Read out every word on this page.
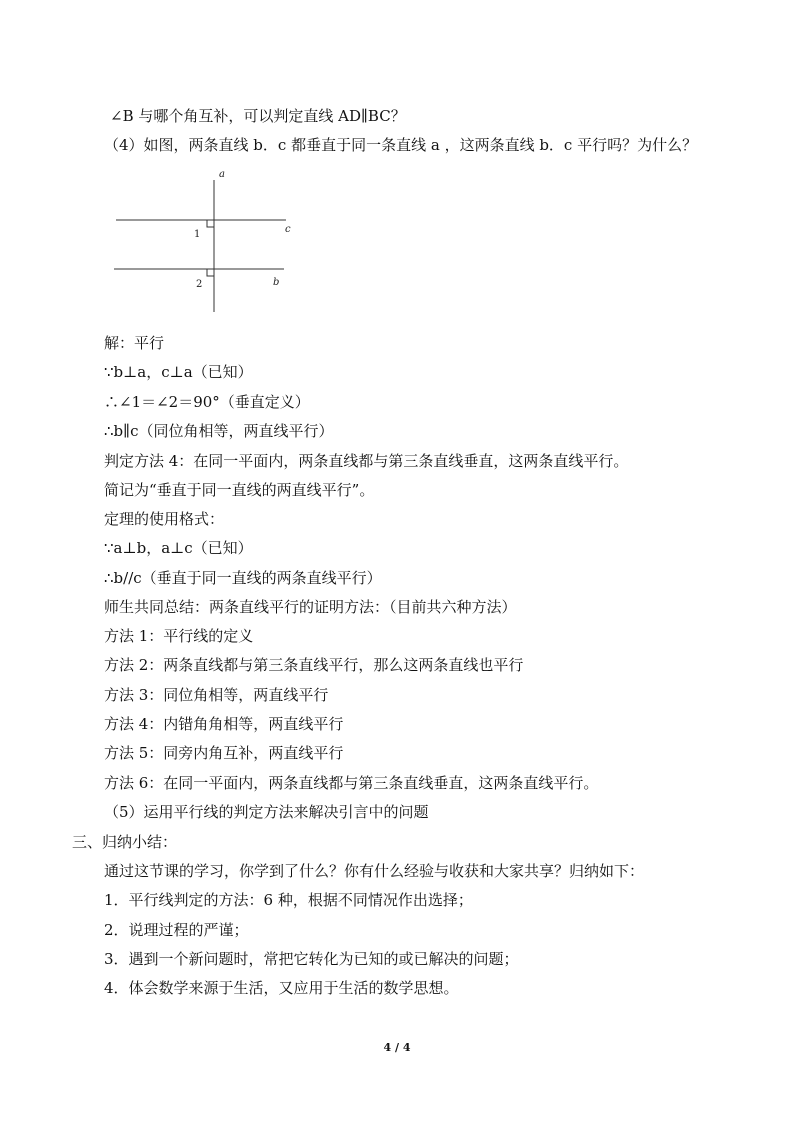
∠B 与哪个角互补，可以判定直线 AD∥BC？
（4）如图，两条直线 b．c 都垂直于同一条直线 a ，这两条直线 b．c 平行吗？为什么？
a
c
b
1
2
解：平行
∵b⊥a，c⊥a（已知）
∴∠1＝∠2＝90°（垂直定义）
∴b∥c（同位角相等，两直线平行）
判定方法 4：在同一平面内，两条直线都与第三条直线垂直，这两条直线平行。
简记为“垂直于同一直线的两直线平行”。
定理的使用格式：
∵a⊥b，a⊥c（已知）
∴b//c（垂直于同一直线的两条直线平行）
师生共同总结：两条直线平行的证明方法：（目前共六种方法）
方法 1：平行线的定义
方法 2：两条直线都与第三条直线平行，那么这两条直线也平行
方法 3：同位角相等，两直线平行
方法 4：内错角角相等，两直线平行
方法 5：同旁内角互补，两直线平行
方法 6：在同一平面内，两条直线都与第三条直线垂直，这两条直线平行。
（5）运用平行线的判定方法来解决引言中的问题
三、归纳小结：
通过这节课的学习，你学到了什么？你有什么经验与收获和大家共享？归纳如下：
1．平行线判定的方法：6 种，根据不同情况作出选择；
2．说理过程的严谨；
3．遇到一个新问题时，常把它转化为已知的或已解决的问题；
4．体会数学来源于生活，又应用于生活的数学思想。
4 / 4
